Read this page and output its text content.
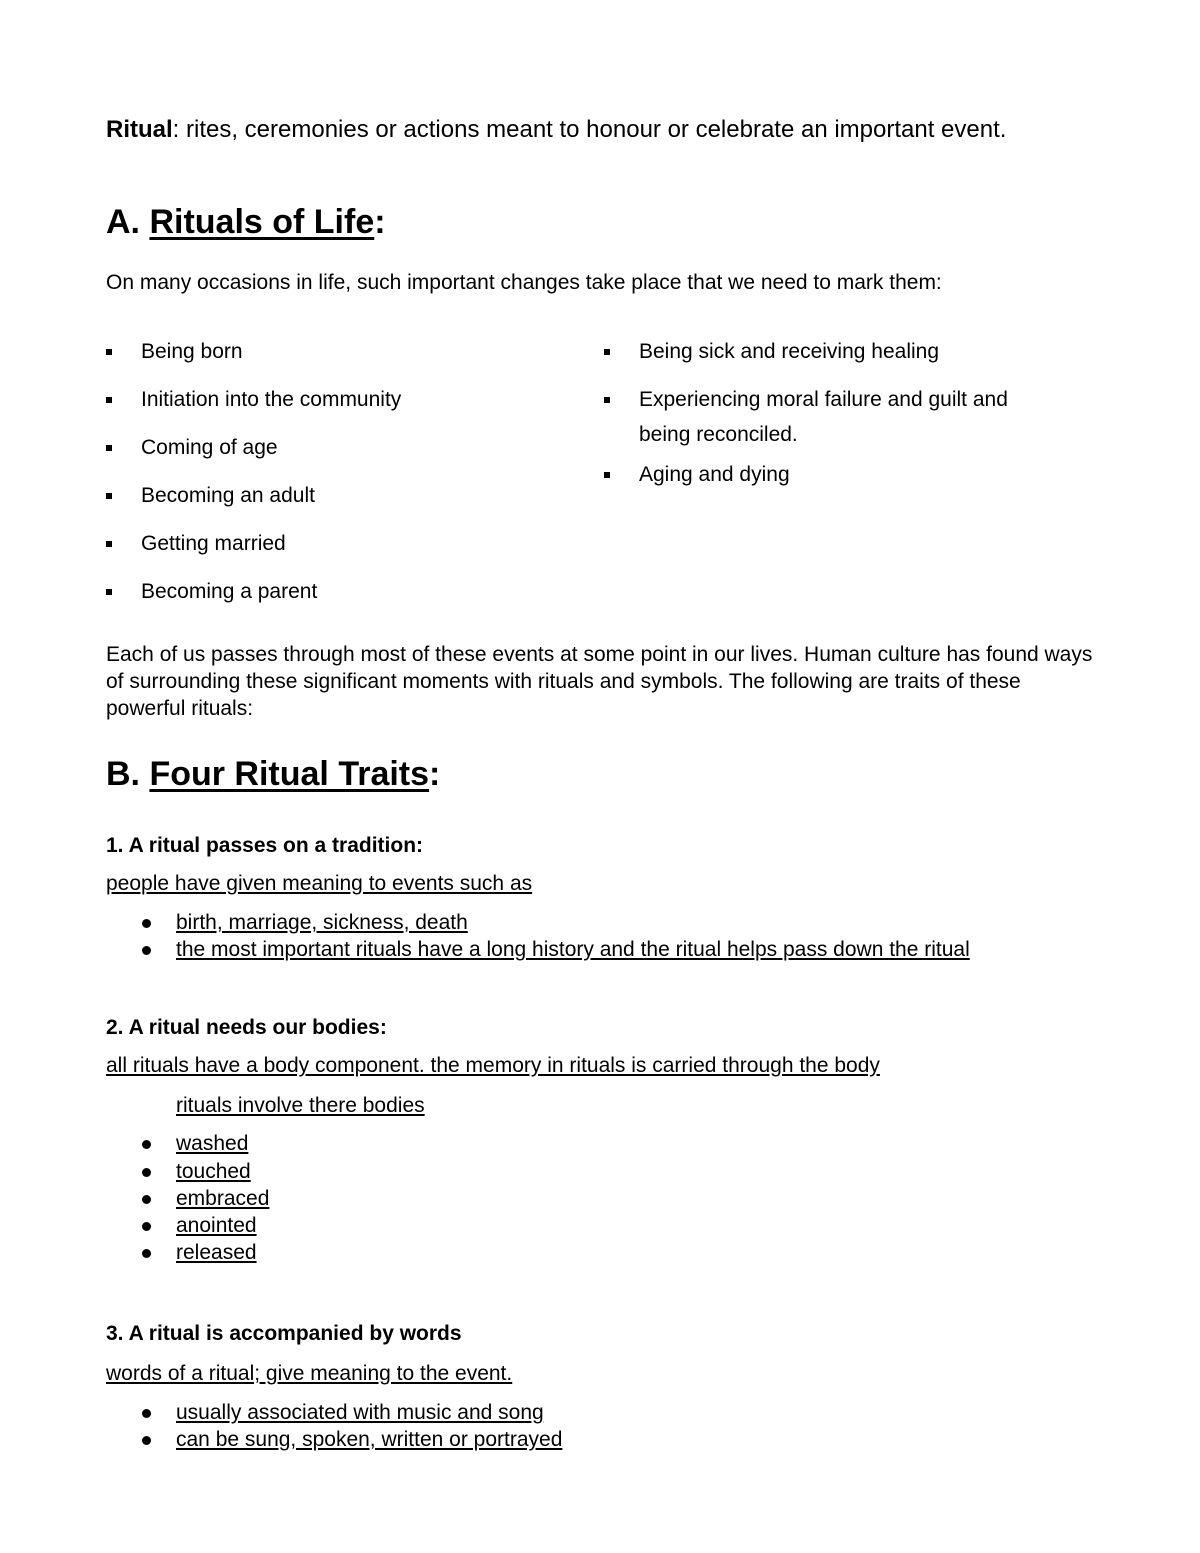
Ritual: rites, ceremonies or actions meant to honour or celebrate an important event.
A. Rituals of Life:
On many occasions in life, such important changes take place that we need to mark them:
Being born
Initiation into the community
Coming of age
Becoming an adult
Getting married
Becoming a parent
Being sick and receiving healing
Experiencing moral failure and guilt and
being reconciled.
Aging and dying
Each of us passes through most of these events at some point in our lives. Human culture has found ways of surrounding these significant moments with rituals and symbols. The following are traits of these powerful rituals:
B. Four Ritual Traits:
1. A ritual passes on a tradition:
people have given meaning to events such as
birth, marriage, sickness, death
the most important rituals have a long history and the ritual helps pass down the ritual
2. A ritual needs our bodies:
all rituals have a body component. the memory in rituals is carried through the body
rituals involve there bodies
washed
touched
embraced
anointed
released
3. A ritual is accompanied by words
words of a ritual; give meaning to the event.
usually associated with music and song
can be sung, spoken, written or portrayed
